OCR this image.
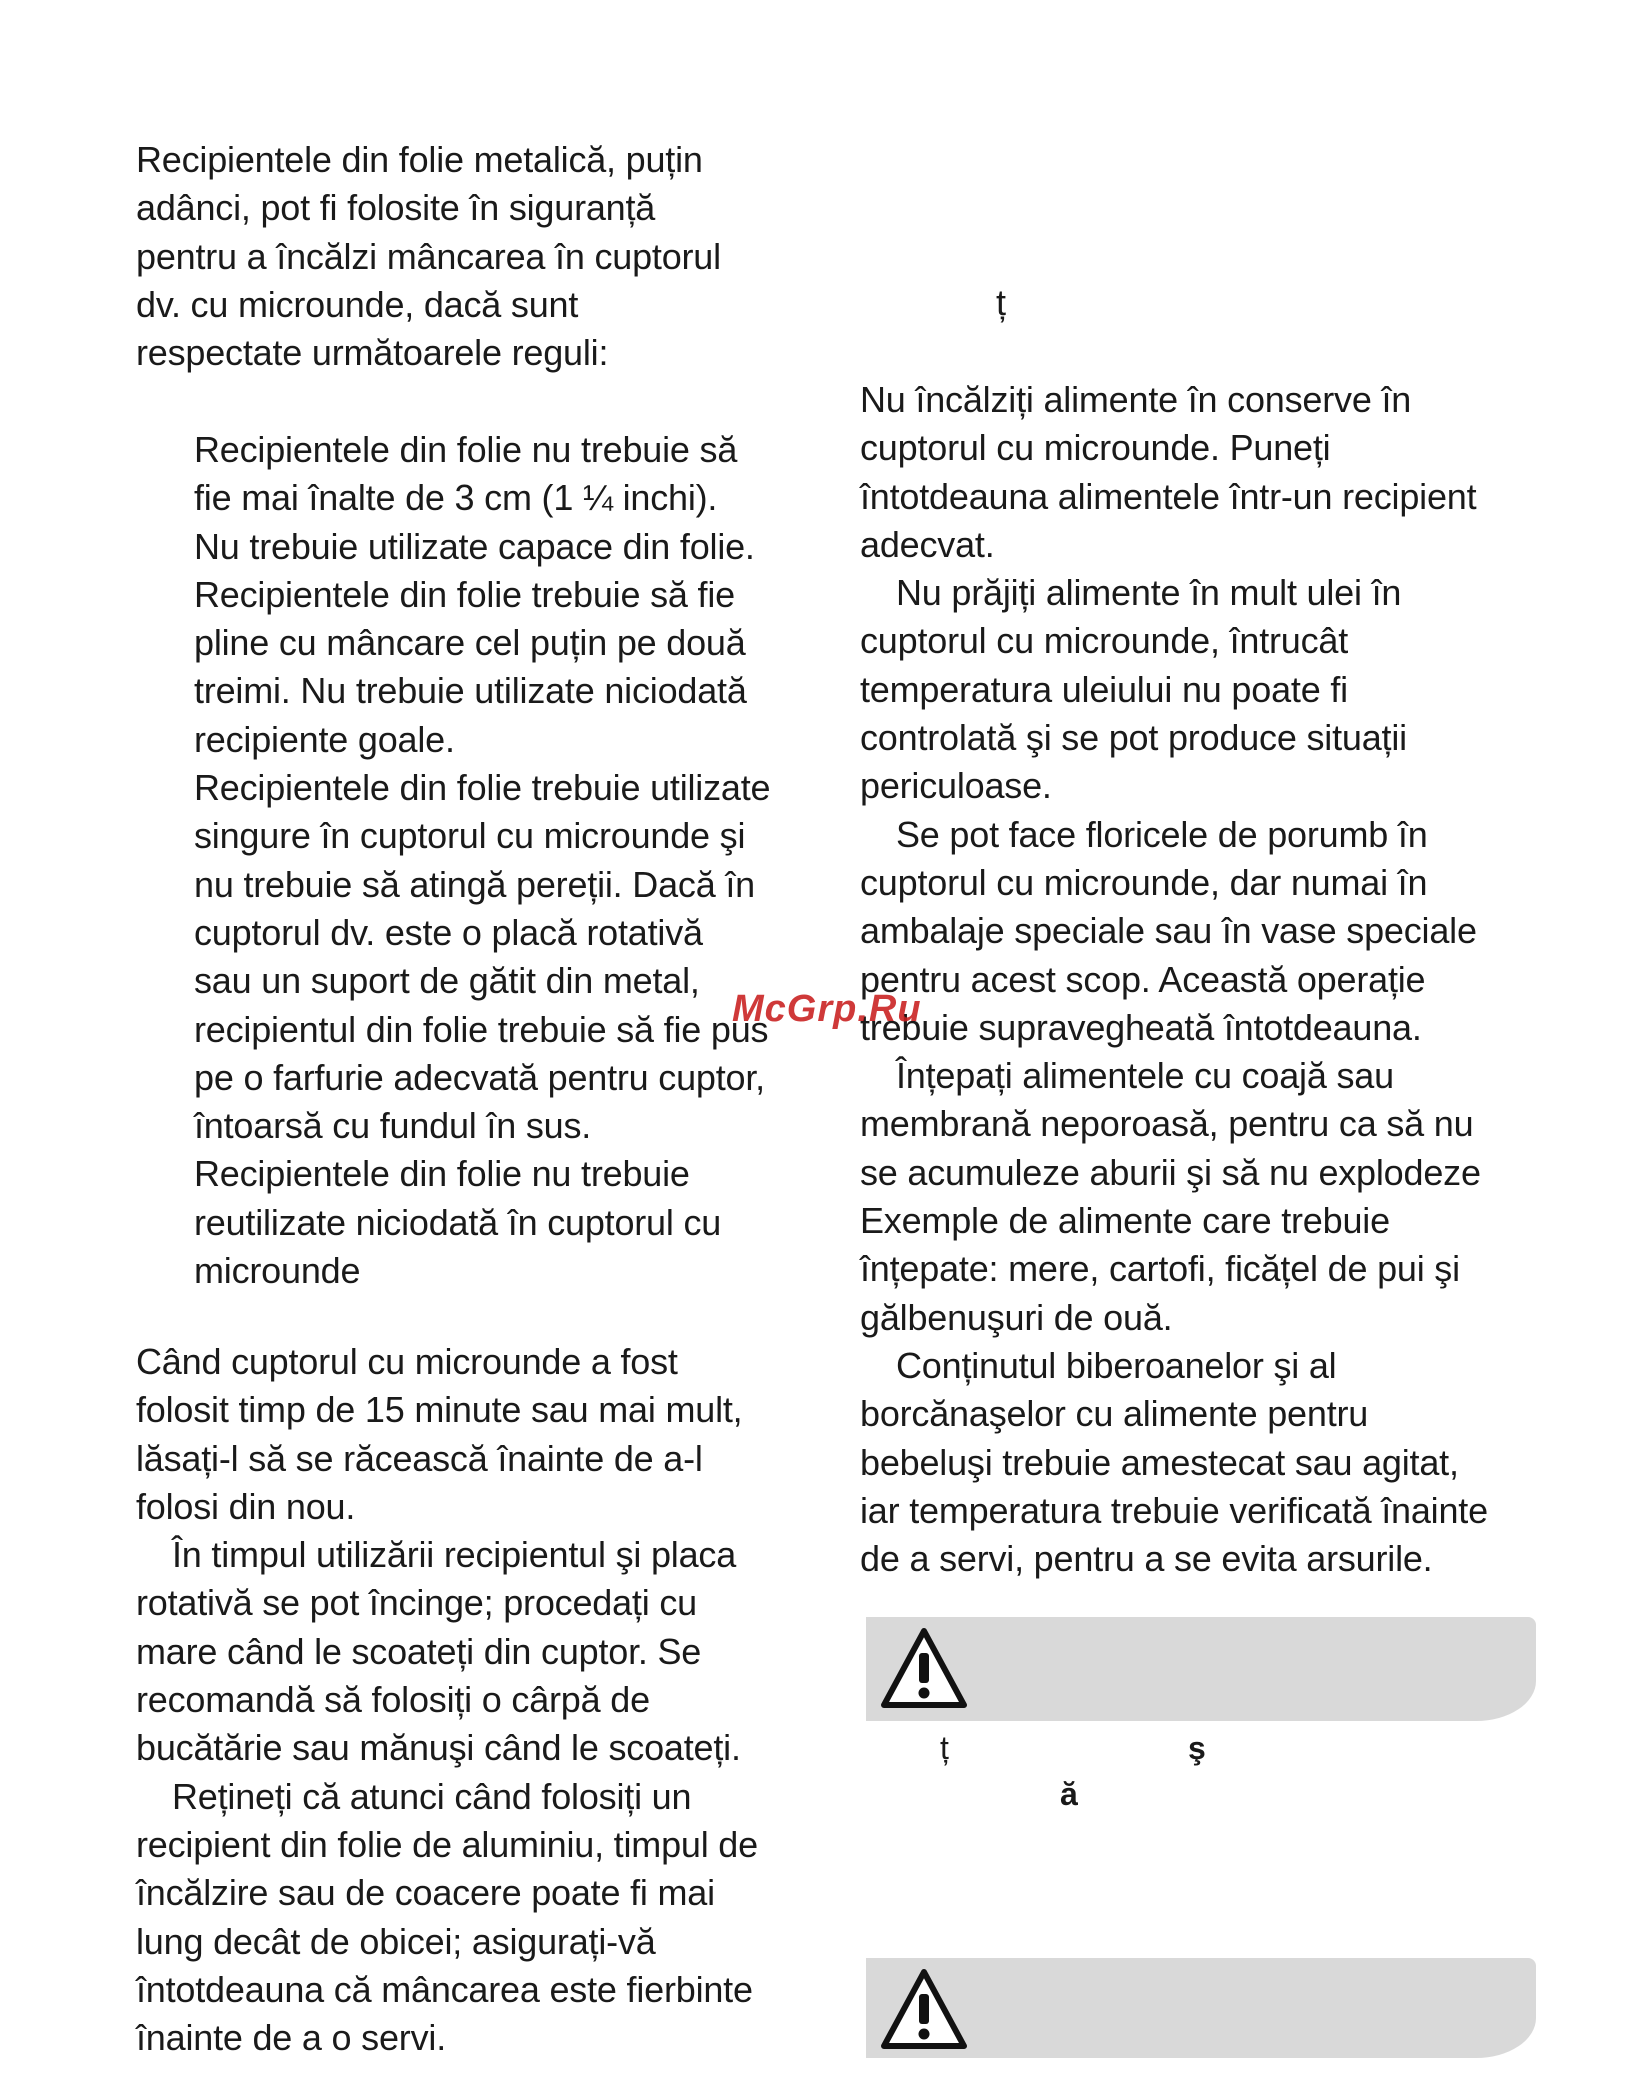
Recipientele din folie metalică, puțin
adânci, pot fi folosite în siguranță
pentru a încălzi mâncarea în cuptorul
dv. cu microunde, dacă sunt
respectate următoarele reguli:

Recipientele din folie nu trebuie să
fie mai înalte de 3 cm (1 ¼ inchi).

Nu trebuie utilizate capace din folie.

Recipientele din folie trebuie să fie
pline cu mâncare cel puțin pe două
treimi. Nu trebuie utilizate niciodată
recipiente goale.

Recipientele din folie trebuie utilizate
singure în cuptorul cu microunde şi
nu trebuie să atingă pereții. Dacă în
cuptorul dv. este o placă rotativă
sau un suport de gătit din metal,
recipientul din folie trebuie să fie pus
pe o farfurie adecvată pentru cuptor,
întoarsă cu fundul în sus.

Recipientele din folie nu trebuie
reutilizate niciodată în cuptorul cu
microunde

Când cuptorul cu microunde a fost
folosit timp de 15 minute sau mai mult,
lăsați-l să se răcească înainte de a-l
folosi din nou.

În timpul utilizării recipientul şi placa
rotativă se pot încinge; procedați cu
mare când le scoateți din cuptor. Se
recomandă să folosiți o cârpă de
bucătărie sau mănuşi când le scoateți.

Rețineți că atunci când folosiți un
recipient din folie de aluminiu, timpul de
încălzire sau de coacere poate fi mai
lung decât de obicei; asigurați-vă
întotdeauna că mâncarea este fierbinte
înainte de a o servi.

ț

Nu încălziți alimente în conserve în
cuptorul cu microunde. Puneți
întotdeauna alimentele într-un recipient
adecvat.

Nu prăjiți alimente în mult ulei în
cuptorul cu microunde, întrucât
temperatura uleiului nu poate fi
controlată şi se pot produce situații
periculoase.

Se pot face floricele de porumb în
cuptorul cu microunde, dar numai în
ambalaje speciale sau în vase speciale
pentru acest scop. Această operație
trebuie supravegheată întotdeauna.

Înțepați alimentele cu coajă sau
membrană neporoasă, pentru ca să nu
se acumuleze aburii şi să nu explodeze
Exemple de alimente care trebuie
înțepate: mere, cartofi, ficățel de pui şi
gălbenuşuri de ouă.

Conținutul biberoanelor şi al
borcănaşelor cu alimente pentru
bebeluşi trebuie amestecat sau agitat,
iar temperatura trebuie verificată înainte
de a servi, pentru a se evita arsurile.

ț	ş
ă
McGrp.Ru
